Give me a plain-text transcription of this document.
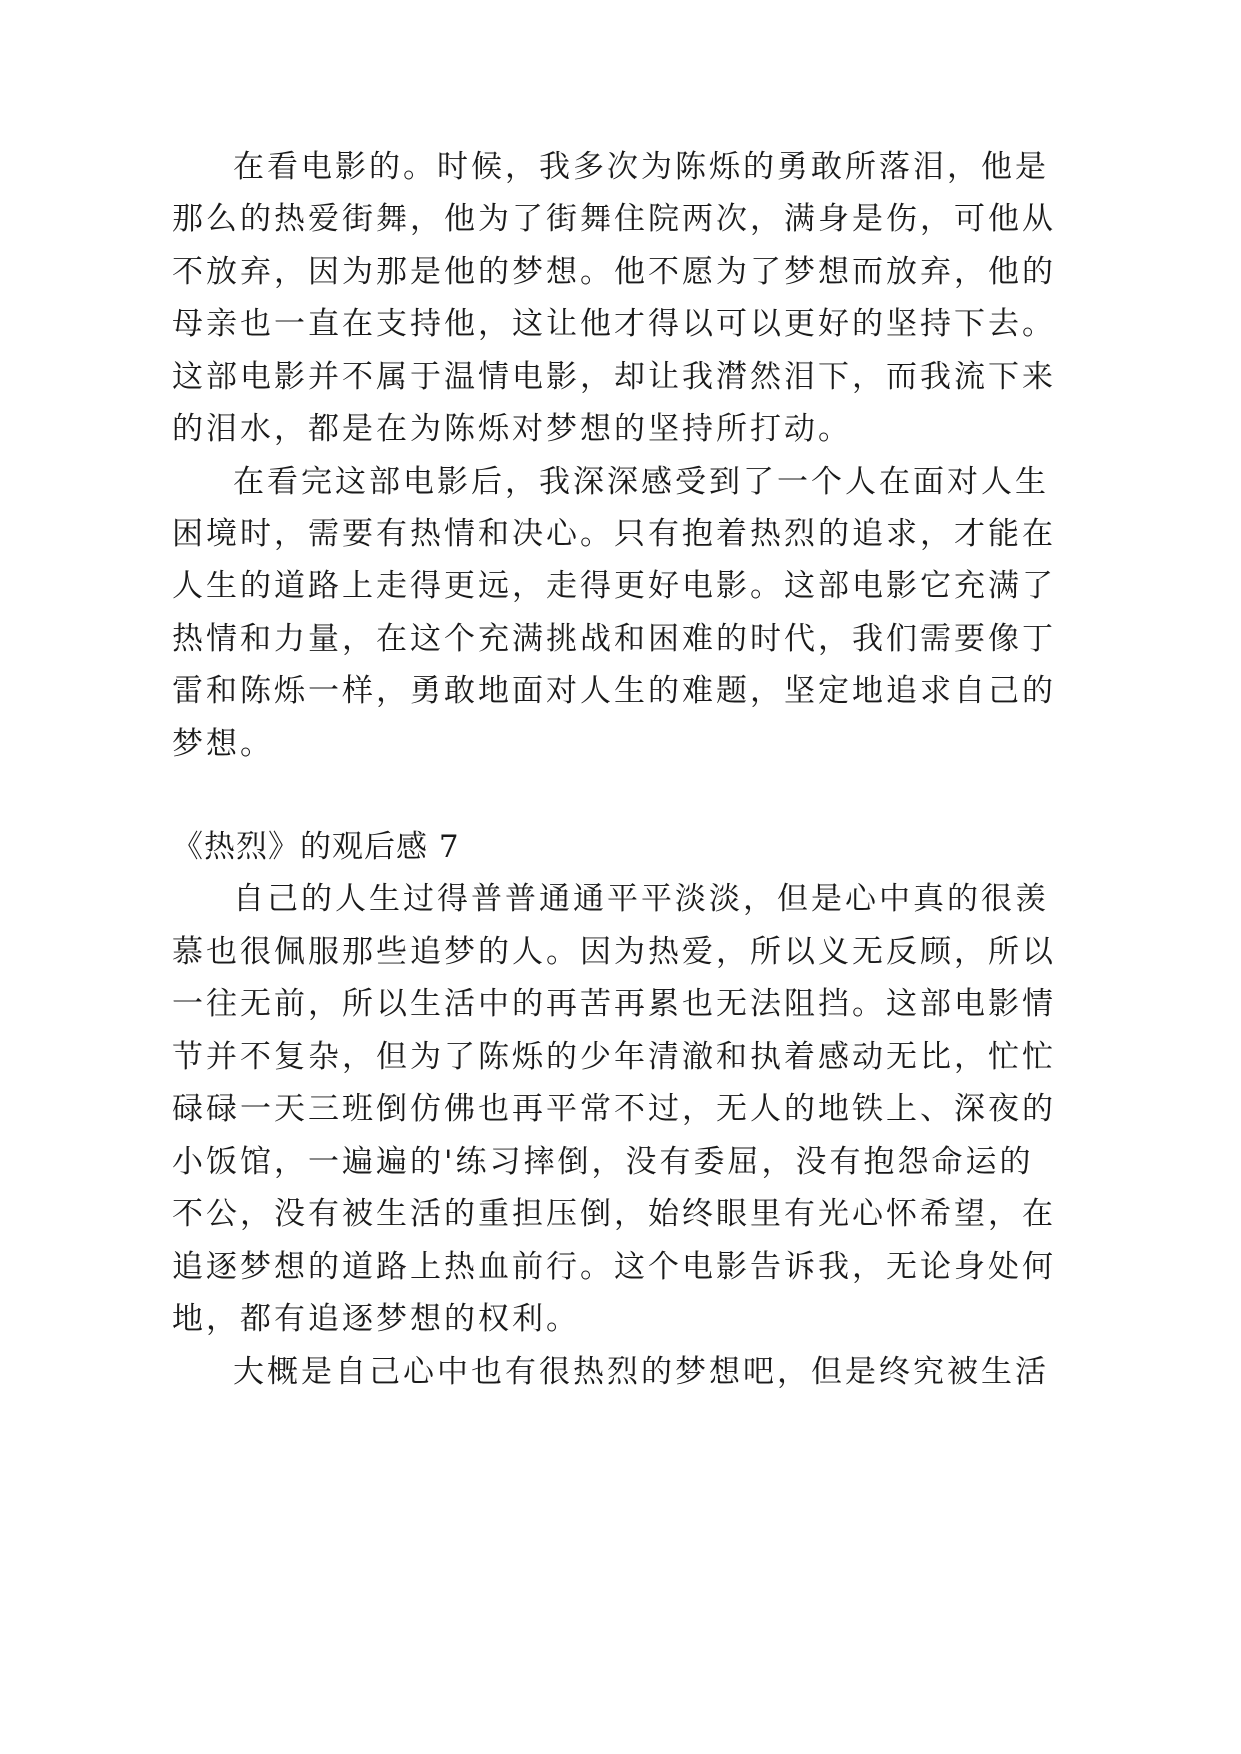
在看电影的。时候，我多次为陈烁的勇敢所落泪，他是
那么的热爱街舞，他为了街舞住院两次，满身是伤，可他从
不放弃，因为那是他的梦想。他不愿为了梦想而放弃，他的
母亲也一直在支持他，这让他才得以可以更好的坚持下去。
这部电影并不属于温情电影，却让我潸然泪下，而我流下来
的泪水，都是在为陈烁对梦想的坚持所打动。
在看完这部电影后，我深深感受到了一个人在面对人生
困境时，需要有热情和决心。只有抱着热烈的追求，才能在
人生的道路上走得更远，走得更好电影。这部电影它充满了
热情和力量，在这个充满挑战和困难的时代，我们需要像丁
雷和陈烁一样，勇敢地面对人生的难题，坚定地追求自己的
梦想。
《热烈》的观后感 7
自己的人生过得普普通通平平淡淡，但是心中真的很羡
慕也很佩服那些追梦的人。因为热爱，所以义无反顾，所以
一往无前，所以生活中的再苦再累也无法阻挡。这部电影情
节并不复杂，但为了陈烁的少年清澈和执着感动无比，忙忙
碌碌一天三班倒仿佛也再平常不过，无人的地铁上、深夜的
小饭馆，一遍遍的'练习摔倒，没有委屈，没有抱怨命运的
不公，没有被生活的重担压倒，始终眼里有光心怀希望，在
追逐梦想的道路上热血前行。这个电影告诉我，无论身处何
地，都有追逐梦想的权利。
大概是自己心中也有很热烈的梦想吧，但是终究被生活
